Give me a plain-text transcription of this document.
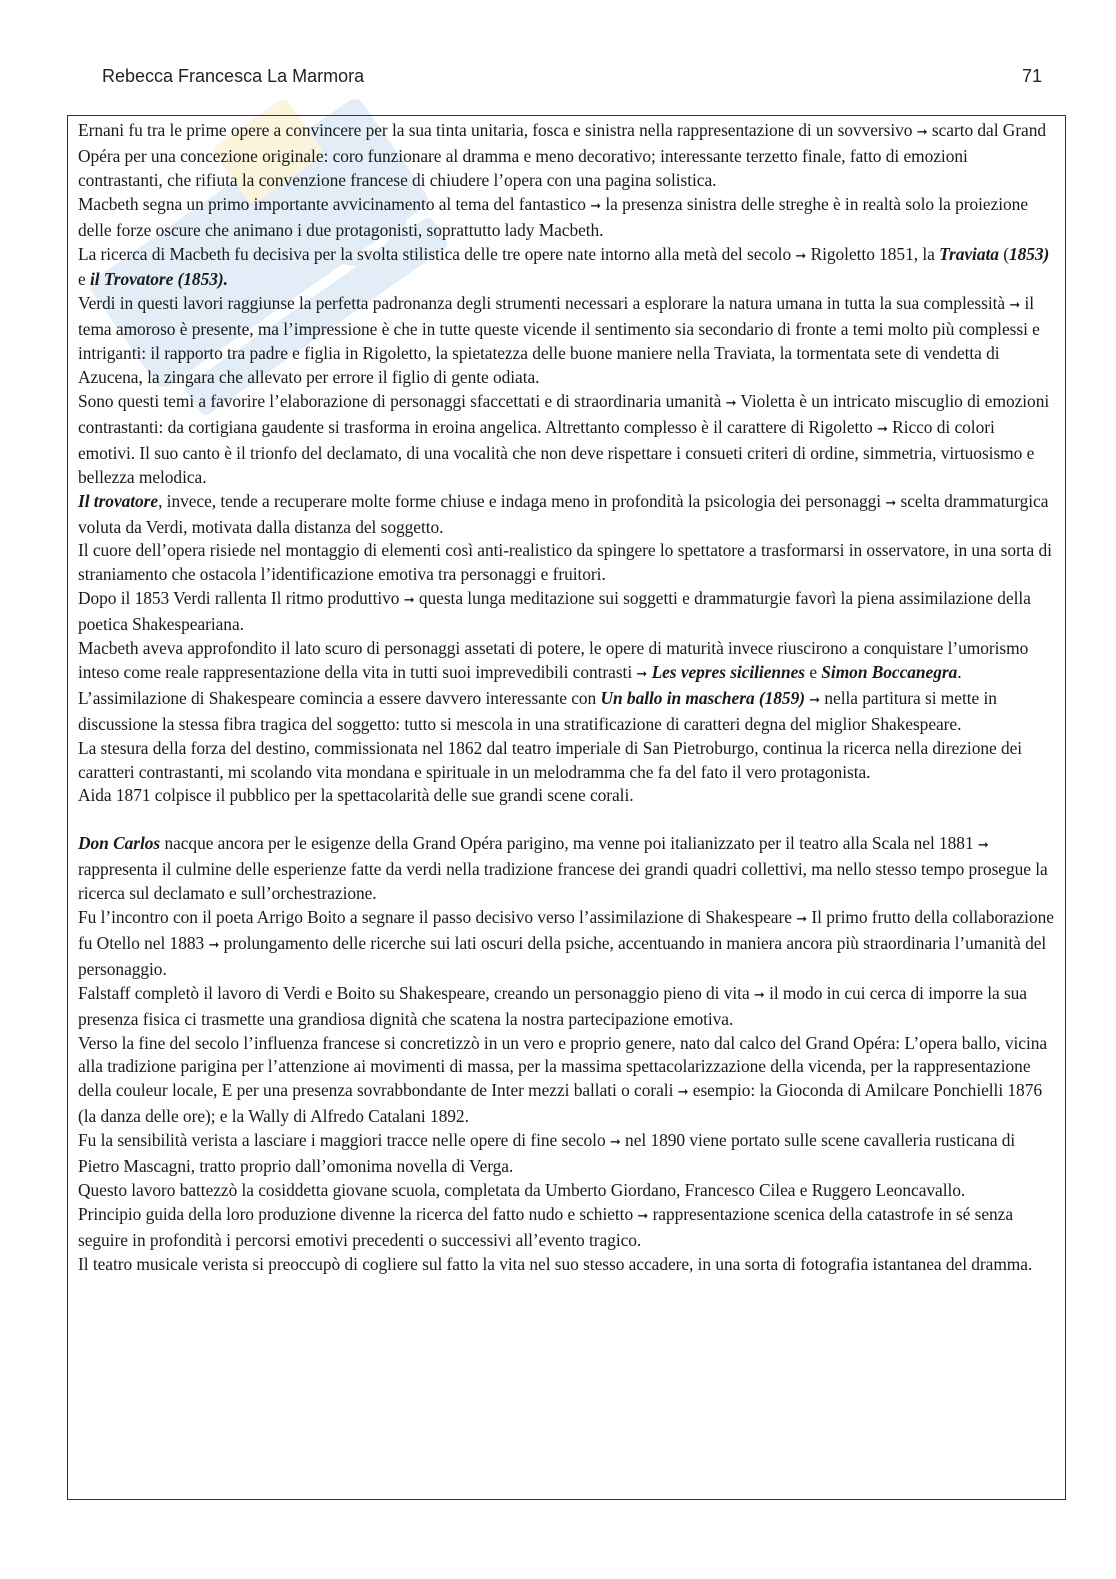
Rebecca Francesca La Marmora	71

Ernani fu tra le prime opere a convincere per la sua tinta unitaria, fosca e sinistra nella rappresentazione di un sovversivo ➞ scarto dal Grand Opéra per una concezione originale: coro funzionare al dramma e meno decorativo; interessante terzetto finale, fatto di emozioni contrastanti, che rifiuta la convenzione francese di chiudere l’opera con una pagina solistica.

Macbeth segna un primo importante avvicinamento al tema del fantastico ➞ la presenza sinistra delle streghe è in realtà solo la proiezione delle forze oscure che animano i due protagonisti, soprattutto lady Macbeth.

La ricerca di Macbeth fu decisiva per la svolta stilistica delle tre opere nate intorno alla metà del secolo ➞ Rigoletto 1851, la Traviata (1853) e il Trovatore (1853).

Verdi in questi lavori raggiunse la perfetta padronanza degli strumenti necessari a esplorare la natura umana in tutta la sua complessità ➞ il tema amoroso è presente, ma l’impressione è che in tutte queste vicende il sentimento sia secondario di fronte a temi molto più complessi e intriganti: il rapporto tra padre e figlia in Rigoletto, la spietatezza delle buone maniere nella Traviata, la tormentata sete di vendetta di Azucena, la zingara che allevato per errore il figlio di gente odiata.

Sono questi temi a favorire l’elaborazione di personaggi sfaccettati e di straordinaria umanità ➞ Violetta è un intricato miscuglio di emozioni contrastanti: da cortigiana gaudente si trasforma in eroina angelica. Altrettanto complesso è il carattere di Rigoletto ➞ Ricco di colori emotivi. Il suo canto è il trionfo del declamato, di una vocalità che non deve rispettare i consueti criteri di ordine, simmetria, virtuosismo e bellezza melodica.

Il trovatore, invece, tende a recuperare molte forme chiuse e indaga meno in profondità la psicologia dei personaggi ➞ scelta drammaturgica voluta da Verdi, motivata dalla distanza del soggetto.

Il cuore dell’opera risiede nel montaggio di elementi così anti-realistico da spingere lo spettatore a trasformarsi in osservatore, in una sorta di straniamento che ostacola l’identificazione emotiva tra personaggi e fruitori.

Dopo il 1853 Verdi rallenta Il ritmo produttivo ➞ questa lunga meditazione sui soggetti e drammaturgie favorì la piena assimilazione della poetica Shakespeariana.

Macbeth aveva approfondito il lato scuro di personaggi assetati di potere, le opere di maturità invece riuscirono a conquistare l’umorismo inteso come reale rappresentazione della vita in tutti suoi imprevedibili contrasti ➞ Les vepres siciliennes e Simon Boccanegra.

L’assimilazione di Shakespeare comincia a essere davvero interessante con Un ballo in maschera (1859) ➞ nella partitura si mette in discussione la stessa fibra tragica del soggetto: tutto si mescola in una stratificazione di caratteri degna del miglior Shakespeare.

La stesura della forza del destino, commissionata nel 1862 dal teatro imperiale di San Pietroburgo, continua la ricerca nella direzione dei caratteri contrastanti, mi scolando vita mondana e spirituale in un melodramma che fa del fato il vero protagonista.

Aida 1871 colpisce il pubblico per la spettacolarità delle sue grandi scene corali.

Don Carlos nacque ancora per le esigenze della Grand Opéra parigino, ma venne poi italianizzato per il teatro alla Scala nel 1881 ➞ rappresenta il culmine delle esperienze fatte da verdi nella tradizione francese dei grandi quadri collettivi, ma nello stesso tempo prosegue la ricerca sul declamato e sull’orchestrazione.

Fu l’incontro con il poeta Arrigo Boito a segnare il passo decisivo verso l’assimilazione di Shakespeare ➞ Il primo frutto della collaborazione fu Otello nel 1883 ➞ prolungamento delle ricerche sui lati oscuri della psiche, accentuando in maniera ancora più straordinaria l’umanità del personaggio.

Falstaff completò il lavoro di Verdi e Boito su Shakespeare, creando un personaggio pieno di vita ➞ il modo in cui cerca di imporre la sua presenza fisica ci trasmette una grandiosa dignità che scatena la nostra partecipazione emotiva.

Verso la fine del secolo l’influenza francese si concretizzò in un vero e proprio genere, nato dal calco del Grand Opéra: L’opera ballo, vicina alla tradizione parigina per l’attenzione ai movimenti di massa, per la massima spettacolarizzazione della vicenda, per la rappresentazione della couleur locale, E per una presenza sovrabbondante de Inter mezzi ballati o corali ➞ esempio: la Gioconda di Amilcare Ponchielli 1876 (la danza delle ore); e la Wally di Alfredo Catalani 1892.

Fu la sensibilità verista a lasciare i maggiori tracce nelle opere di fine secolo ➞ nel 1890 viene portato sulle scene cavalleria rusticana di Pietro Mascagni, tratto proprio dall’omonima novella di Verga.

Questo lavoro battezzò la cosiddetta giovane scuola, completata da Umberto Giordano, Francesco Cilea e Ruggero Leoncavallo.

Principio guida della loro produzione divenne la ricerca del fatto nudo e schietto ➞ rappresentazione scenica della catastrofe in sé senza seguire in profondità i percorsi emotivi precedenti o successivi all’evento tragico.

Il teatro musicale verista si preoccupò di cogliere sul fatto la vita nel suo stesso accadere, in una sorta di fotografia istantanea del dramma.
